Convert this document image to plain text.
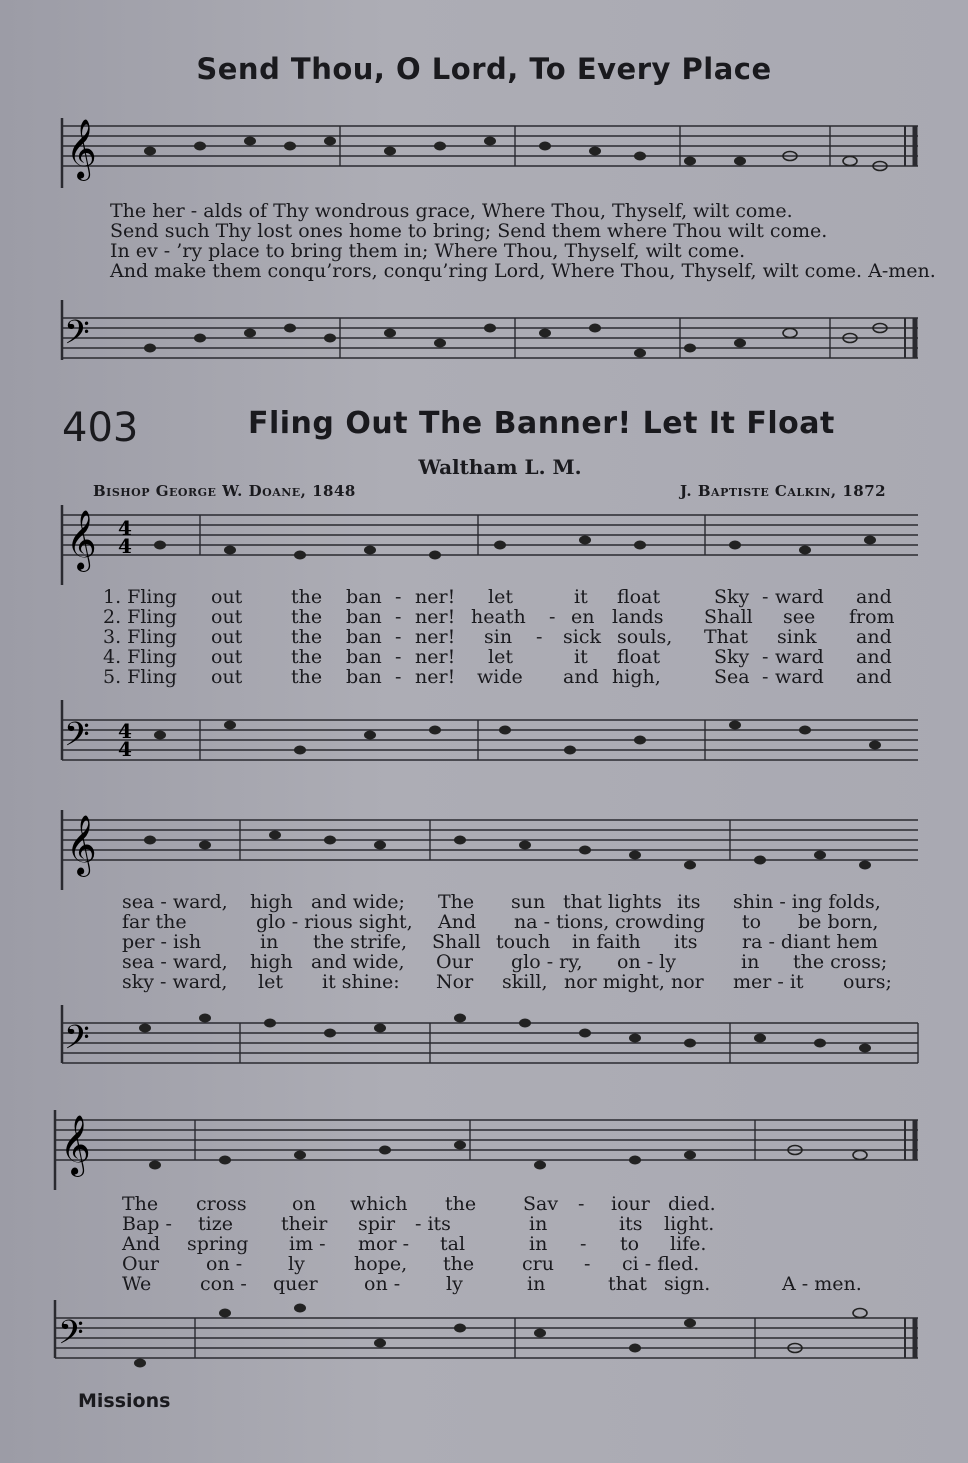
Send Thou, O Lord, To Every Place
𝄞
The her - alds of Thy wondrous grace, Where Thou, Thyself, wilt come.
Send such Thy lost ones home to bring; Send them where Thou wilt come.
In ev - ’ry place to bring them in; Where Thou, Thyself, wilt come.
And make them conqu’rors, conqu’ring Lord, Where Thou, Thyself, wilt come. A-men.
𝄢
403	Fling Out The Banner! Let It Float
Waltham L. M.
Bishop George W. Doane, 1848	J. Baptiste Calkin, 1872
𝄞 4
4
1. Fling out	the ban - ner! let	it float	Sky - ward and
2. Fling out	the ban - ner! heath - en lands Shall see from
3. Fling out	the ban - ner! sin - sick souls, That sink and
4. Fling out	the ban - ner! let	it float	Sky - ward and
5. Fling out	the ban - ner! wide and high,	Sea - ward and
𝄢 4
4
𝄞
sea - ward, high and wide; The sun that lights its shin - ing folds,
far the	glo - rious sight, And na - tions, crowding to be born,
per - ish	in the strife, Shall touch in faith its ra - diant hem
sea - ward, high and wide, Our glo - ry, on - ly	in the cross;
sky - ward, let it shine: Nor skill, nor might, nor mer - it ours;
𝄢
𝄞
The cross on which the Sav - iour died.
Bap - tize	their spir - its	in	its light.
And spring im - mor - tal	in - to life.
Our on - ly	hope, the	cru - ci - fled.
We	con - quer on - ly	in	that sign.	A - men.
𝄢
Missions
